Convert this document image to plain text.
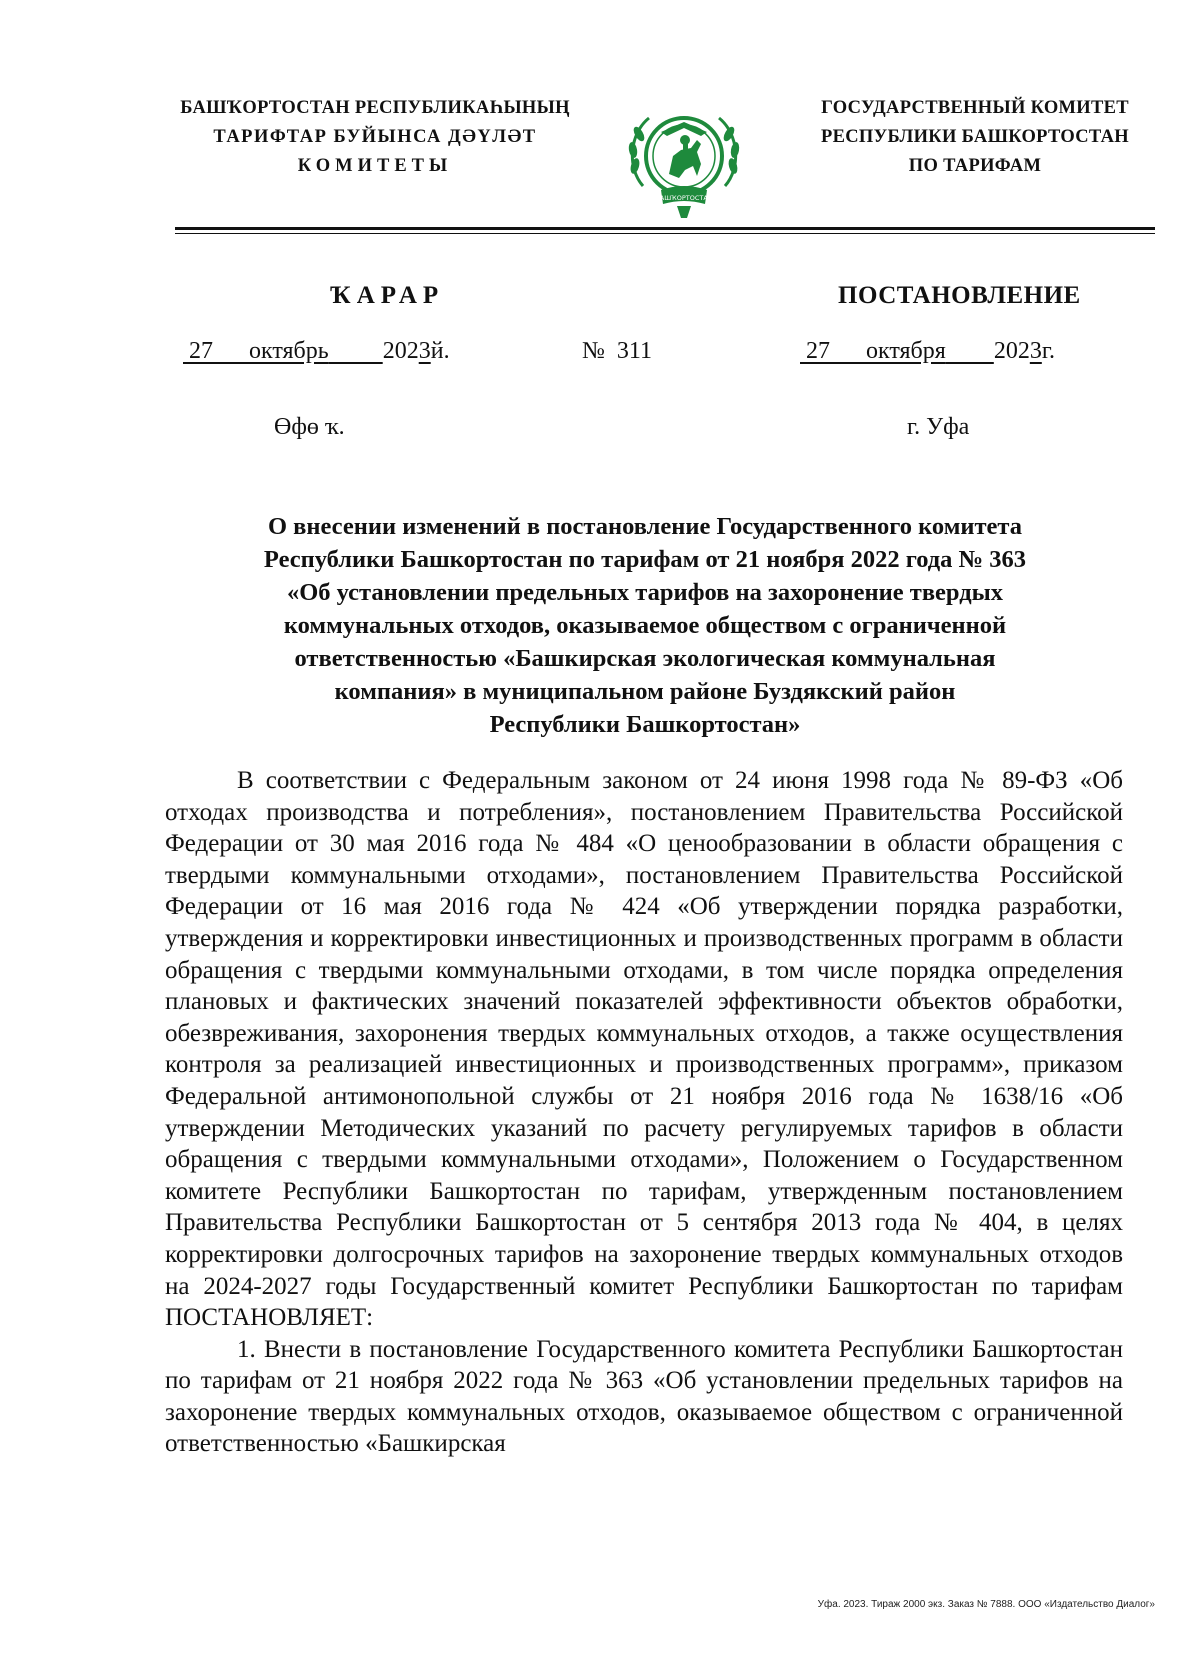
БАШҠОРТОСТАН РЕСПУБЛИКАҺЫНЫҢ
ТАРИФТАР БУЙЫНСА ДӘҮЛӘТ
КОМИТЕТЫ
БАШҠОРТОСТАН
ГОСУДАРСТВЕННЫЙ КОМИТЕТ
РЕСПУБЛИКИ БАШКОРТОСТАН
ПО ТАРИФАМ
ҠАРАР	ПОСТАНОВЛЕНИЕ
27 октябрь 2023й.	№ 311	27 октября 2023г.
Өфө ҡ.	г. Уфа
О внесении изменений в постановление Государственного комитета
Республики Башкортостан по тарифам от 21 ноября 2022 года № 363
«Об установлении предельных тарифов на захоронение твердых
коммунальных отходов, оказываемое обществом с ограниченной
ответственностью «Башкирская экологическая коммунальная
компания» в муниципальном районе Буздякский район
Республики Башкортостан»

В соответствии с Федеральным законом от 24 июня 1998 года № 89-ФЗ «Об отходах производства и потребления», постановлением Правительства Российской Федерации от 30 мая 2016 года № 484 «О ценообразовании в области обращения с твердыми коммунальными отходами», постановлением Правительства Российской Федерации от 16 мая 2016 года № 424 «Об утверждении порядка разработки, утверждения и корректировки инвестиционных и производственных программ в области обращения с твердыми коммунальными отходами, в том числе порядка определения плановых и фактических значений показателей эффективности объектов обработки, обезвреживания, захоронения твердых коммунальных отходов, а также осуществления контроля за реализацией инвестиционных и производственных программ», приказом Федеральной антимонопольной службы от 21 ноября 2016 года № 1638/16 «Об утверждении Методических указаний по расчету регулируемых тарифов в области обращения с твердыми коммунальными отходами», Положением о Государственном комитете Республики Башкортостан по тарифам, утвержденным постановлением Правительства Республики Башкортостан от 5 сентября 2013 года № 404, в целях корректировки долгосрочных тарифов на захоронение твердых коммунальных отходов на 2024-2027 годы Государственный комитет Республики Башкортостан по тарифам ПОСТАНОВЛЯЕТ:

1. Внести в постановление Государственного комитета Республики Башкортостан по тарифам от 21 ноября 2022 года № 363 «Об установлении предельных тарифов на захоронение твердых коммунальных отходов, оказываемое обществом с ограниченной ответственностью «Башкирская

Уфа. 2023. Тираж 2000 экз. Заказ № 7888. ООО «Издательство Диалог»
